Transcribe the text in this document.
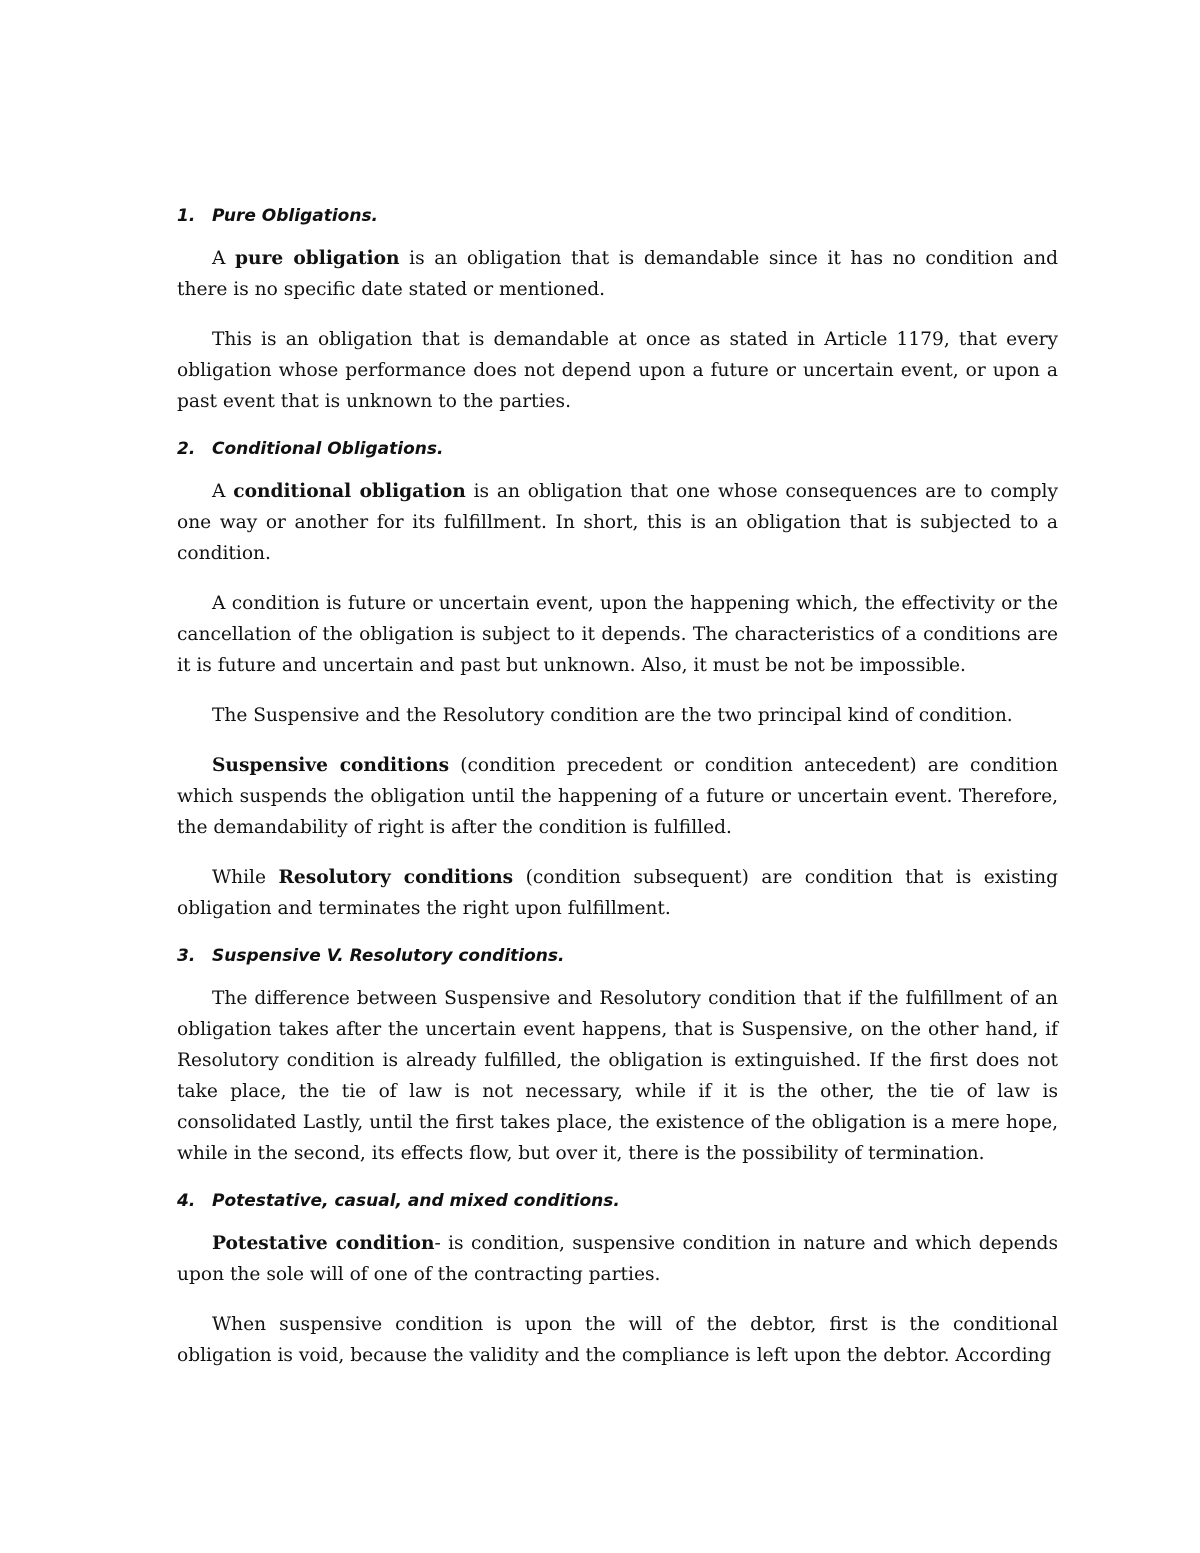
1. Pure Obligations.

A pure obligation is an obligation that is demandable since it has no condition and there is no specific date stated or mentioned.

This is an obligation that is demandable at once as stated in Article 1179, that every obligation whose performance does not depend upon a future or uncertain event, or upon a past event that is unknown to the parties.

2. Conditional Obligations.

A conditional obligation is an obligation that one whose consequences are to comply one way or another for its fulfillment. In short, this is an obligation that is subjected to a condition.

A condition is future or uncertain event, upon the happening which, the effectivity or the cancellation of the obligation is subject to it depends. The characteristics of a conditions are it is future and uncertain and past but unknown. Also, it must be not be impossible.

The Suspensive and the Resolutory condition are the two principal kind of condition.

Suspensive conditions (condition precedent or condition antecedent) are condition which suspends the obligation until the happening of a future or uncertain event. Therefore, the demandability of right is after the condition is fulfilled.

While Resolutory conditions (condition subsequent) are condition that is existing obligation and terminates the right upon fulfillment.

3. Suspensive V. Resolutory conditions.

The difference between Suspensive and Resolutory condition that if the fulfillment of an obligation takes after the uncertain event happens, that is Suspensive, on the other hand, if Resolutory condition is already fulfilled, the obligation is extinguished. If the first does not take place, the tie of law is not necessary, while if it is the other, the tie of law is consolidated Lastly, until the first takes place, the existence of the obligation is a mere hope, while in the second, its effects flow, but over it, there is the possibility of termination.

4. Potestative, casual, and mixed conditions.

Potestative condition- is condition, suspensive condition in nature and which depends upon the sole will of one of the contracting parties.

When suspensive condition is upon the will of the debtor, first is the conditional obligation is void, because the validity and the compliance is left upon the debtor. According
